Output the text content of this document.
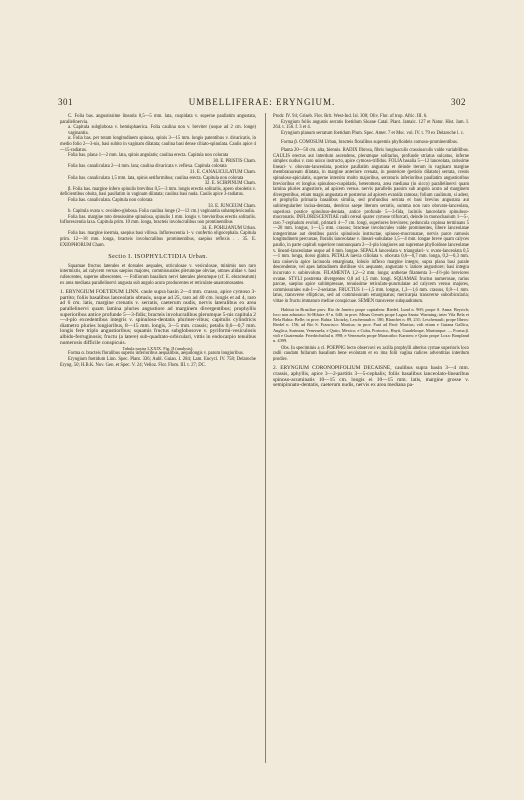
301	UMBELLIFERAE: ERYNGIUM.	302

C. Folia bas. angustissime linearia 0,5—5 mm. lata, cuspidata v. superne paullatim angustata, parallelinervia.

a. Capitula subglobosa v. hemisphaerica. Folia caulina non v. breviter (usque ad 2 cm. longe) vaginantia.

α. Folia bas. per totam longitudinem spinosa, spinis 3—15 mm. longis patentibus v. divaricatis, in medio folio 2—3-nis, basi subito in vaginam dilatata; caulina basi dense ciliato-spinulata. Caulis apice 4—15-radiatus.

Folia bas. plana 1—2 mm. lata, spinis angulatis; caulina erecta. Capitula non colorata

30. E. PRISTIS Cham.

Folia bas. canaliculata 2—4 mm. lata; caulina divaricata v. reflexa. Capitula colorata

31. E. CANALICULATUM Cham.

Folia bas. canaliculata 1,5 mm. lata, spinis setiformibus; caulina erecta. Capitula non colorata

32. E. SCIRPINUM Cham.

β. Folia bas. margine infero spinulis brevibus 0,5—3 mm. longis erectis solitariis, apero obsoletis v. deficientibus obsita, basi paullatim in vaginam dilatata; caulina basi nuda. Caulis apice 3-radiatus.

Folia bas. canaliculata. Capitula non colorata

33. E. JUNCEUM Cham.

b. Capitula ovata v. ovoideo-globosa. Folia caulina longe (2—12 cm.) vaginantia subamplexicaulia.

Folia bas. margine toto densissime spinulosa, spinulis 1 mm. longis v. brevioribus erectis solitariis. Inflorescentia laxa. Capitula prim. 10 mm. longa, bracteis involucralibus non prominentibus

34. E. POHLIANUM Urban.

Folia bas. margine inermia, saepius basi villosa. Inflorescentia 1- v. confertio oligocephala. Capitula prim. 12—18 mm. longa, bracteis involucralibus prominentibus, saepius reflexis . . 35. E. EXIOPHORUM Cham.

Sectio I. ISOPHYLCTIDIA Urban.

Squamae fructus laterales et dorsales aequales, utriculosae v. vesiculosae, minimis non raro intermixtis, ad calycem versus saepius majores, commissurales plerumque obviae, omnes alidae v. basi rufescentes, superne albescentes. — Folliorum basalium nervi laterales plerumque (cf. E. ebracteatum) ex area mediana parallelinervi angusta sub angulo acuto producentes et reticulato-anastomosantes.

1. ERYNGIUM FOETIDUM LINN. caule supra basin 2—4 mm. crasso, apice cymoso 3-partito; foliis basalibus lanceolatis obtusis, usque ad 25, raro ad 40 cm. longis et ad 4, raro ad 6 cm. latis, margine crenatis v. serratis, caeterum nudis, nervis lateralibus ex area parallelinervi quam lamina pluries angustiore ad marginem divergentibus; prophyllis superioribus antice profunde 5—3-fidis; bracteis involucralibus plerumque 5-nis capitula 2—4-plo excedentibus integris v. spinuloso-dentatis pluriner-vibus; capitulis cylindricis diametro pluries longioribus, 8—15 mm. longis, 3—5 mm. crassis; petalis 0,6—0,7 mm. longis fere triplo angustioribus; squamis fructus subglobosove v. pyriformi-vesiculosis albido-ferruginosis; fructu (a latere) sub-quadrato-orbiculari, vittis in endocarpio tenuibus numerosis difficile conspicuis.

Tabula nostra LXXIX. Fig. II (analysis).

Forma α. bracteis floralibus superis inferioribus aequalibus, aequilongis v. parum longioribus.

Eryngium foetidum Linn. Spec. Plant. 336; Aubl. Guian. I. 284; Lam. Encycl. IV. 758; Delaroche Eryng. 50; H.B.K. Nov. Gen. et Spec. V. 24; Velloz. Flor. Flum. III. t. 27; DC.

Prodr. IV. 94; Griseb. Flor. Brit. West-Ind. Isl. 308; Oliv. Flor. of trop. Afric. III. 6.

Eryngium foliis angustis serratis foetidum Sloane Catal. Plant. Jamaic. 127 et Natur. Hist. Jam. I. 264. t. 156. f. 3 et 4.

Eryngium planum serratum foetidum Plum. Spec. Amer. 7 et Msc. vol. IV. t. 79 ex Delaroche l. c.

Forma β. COMOSUM Urban, bracteis floralibus supremis phylloideis comoso-prominentibus.

Planta 20—50 cm. alta, biennis. RADIX fibrosa, fibris longiusculis crassiusculis valde variabilibus. CAULIS erectus aut interdum ascendens, plerumque solitarius, profunde striatus sulcatus, inferne simplex nudus v. raro unico instructo, apice cymoso-trifidus. FOLIA basalia 5—12 lanceolata, rarissime lineari- v. obovato-lanceolata, postice paullatim angustata et deinde iterum in vaginam margine membranaceam dilatata, in margine anteriore crenata, in posteriore (petiolo dilatato) serrata, crenis spinuloso-apiculatis, superne intersito molto majoribus, serraturis inferioribus paullatim angustioribus brevioribus et longius spinuloso-cuspidatis, heteromera, area mediana (in sicco) parallelinervi quam lamina pluries angustiore, ad apicem versus. nervis parallelis passim sub angulo acuto ad marginem divergentibus, etiam magis angustata et postremo ad apicem evanida ramosa; folium caulinum, si adest, et prophylla primaria basalibus similia, sed profundius serrata et basi brevius angustata aut subirregulariter incisa-dentata, denticus saepe literum serratis, summa non raro obovato-lanceolata, superiora postice spinuloso-dentata, antice profunde 5—3-fida, laciniis lanceolatis spinuloso-mucronatis. INFLORESCENTIAE radii cereal quater cymose trifurcati, deinde in monochasium 1—5-, raro 7-cephalum evoluti, primarii 4—7 cm. longi, superiores breviores; peduncula copiosa terminans 5—20 mm. longus, 1—1,5 mm. crassus; bracteae involucrales valde prominentes, libere lanceolatae integerrimae aut dentibus parcis spinulosis instructae, spinoso-mucronatae, nervis parce ramosis longitudinem percursae, floralis lanceolatae v. lineari-subulatae 1,5—4 mm. longae breve quam calyces paullo, in parte capituli superiore nonnunquam 2—3-plo longiores aut supremae phylloideae lanceolatae v. lineari-lanceolatae usque ad 6 mm. longae. SEPALA lanceolata v. triangulari- v. ovato-lanceolata 0,5—1 mm. longa, dorso glabra. PETALA laevia ciliolata v. obovata 0,6—0,7 mm. longa, 0,2—0,3 mm. lata unisevia apice lacinuola emarginata, lobulo inflexo margine integro, supra plana basi parale descendente, vel apes latitudinem distilisse vix aequante, angustato v. latiore angustiore; basi integra incurvato v. subinvoluto. FILAMENTA 1,2—2 mm. longa; antherae filamenta 3—4½-plo breviores ovatae. STYLI postrema divergentes 0,8 ad 1,5 mm. longi. SQUAMAE fructus numerosae, rarius parcae, saepius apice subimpressae, tenuissime reticulato-punctulatae ad calycem versus majores, commissurales sub-1—2-seriatae. FRUCTUS 1—1,5 mm. longus, 1,3—1,6 mm. crassus, 0,8—1 mm. latus, transverse ellipticus, sed ad commissuram emarginatus; mericarpia transverse suborbicularia; vittae in fructu immaturo meliue conspicuae. SEMEN transverse subquadratum.

Habitat in Brasiliae prov. Rio de Janeiro prope capitalem: Riedel, Lund n. 969; prope S. Anna: Beyrich; loco non adnotato: St-Hilaire A¹ n. 640; in prov. Minas Geraës prope Lagoa Santa: Warming; inter Vila Bela et Bela Bahia: Belle; in prov. Bahia: Lhotzky, Leschenault n. 180, Blanchet n. 89, 231; Leschenault; prope Ilheos: Riedel n. 156; ad Rio S. Francisco: Martius; in prov. Pará ad Pará: Martius; vidi etiam e Guiana Gallica, Anglica, Surinam, Venezuela; e Quito, Mexico; e Cuba, Portorico, Hayti, Guadeloupe, Martinique. — Forma β. vidi e Guatemala: Friedrichsthal n. 898; e Venezuela prope Maracaibo: Karsten; e Quito prope Loxa: Bonpland n. 4399.

Obs. In speciminis a cl. POEPPIG lecto observavi ex axilla prophylli alterius cymae superioris loco radii caudam fullarum basalium bene evolutam et ex ima folii vagina radices adventitias interdum prodire.

2. ERYNGIUM CORONOPIFOLIUM DECAISNE, caulibus supra basin 3—4 mm. crassis, aphyllis, apice 3—2-partitis 3—5-cephalis; foliis basalibus lanceolato-linearibus spinoso-acuminatis 10—15 cm. longis ei 10—15 mm. latis, margine grosse v. semipinnato-dentatis, caeterum nudis, nervis ex area mediana pa-
